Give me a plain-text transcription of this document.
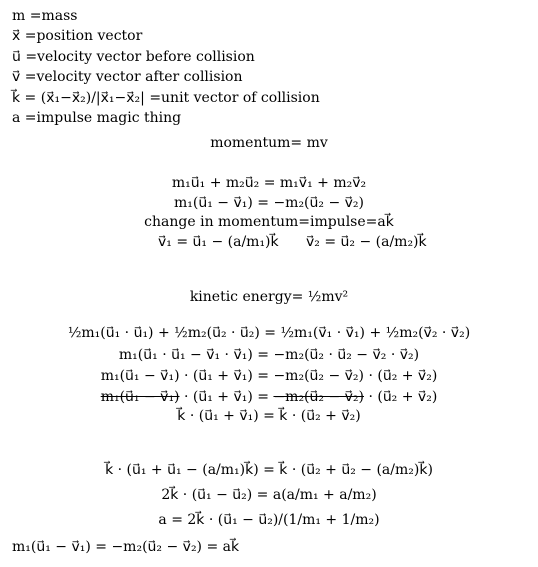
m =mass
x⃗ =position vector
u⃗ =velocity vector before collision
v⃗ =velocity vector after collision
k⃗ = (x⃗₁−x⃗₂)/|x⃗₁−x⃗₂| =unit vector of collision
a =impulse magic thing
momentum= mv
m₁u⃗₁ + m₂u⃗₂ = m₁v⃗₁ + m₂v⃗₂
m₁(u⃗₁ − v⃗₁) = −m₂(u⃗₂ − v⃗₂)
change in momentum=impulse=ak⃗
v⃗₁ = u⃗₁ − (a/m₁)k⃗ v⃗₂ = u⃗₂ − (a/m₂)k⃗
kinetic energy= ½mv²
½m₁(u⃗₁ · u⃗₁) + ½m₂(u⃗₂ · u⃗₂) = ½m₁(v⃗₁ · v⃗₁) + ½m₂(v⃗₂ · v⃗₂)
m₁(u⃗₁ · u⃗₁ − v⃗₁ · v⃗₁) = −m₂(u⃗₂ · u⃗₂ − v⃗₂ · v⃗₂)
m₁(u⃗₁ − v⃗₁) · (u⃗₁ + v⃗₁) = −m₂(u⃗₂ − v⃗₂) · (u⃗₂ + v⃗₂)
m₁(u⃗₁ − v⃗₁) · (u⃗₁ + v⃗₁) = −m₂(u⃗₂ − v⃗₂) · (u⃗₂ + v⃗₂)
k⃗ · (u⃗₁ + v⃗₁) = k⃗ · (u⃗₂ + v⃗₂)
k⃗ · (u⃗₁ + u⃗₁ − (a/m₁)k⃗) = k⃗ · (u⃗₂ + u⃗₂ − (a/m₂)k⃗)
2k⃗ · (u⃗₁ − u⃗₂) = a(a/m₁ + a/m₂)
a = 2k⃗ · (u⃗₁ − u⃗₂)/(1/m₁ + 1/m₂)
m₁(u⃗₁ − v⃗₁) = −m₂(u⃗₂ − v⃗₂) = ak⃗
